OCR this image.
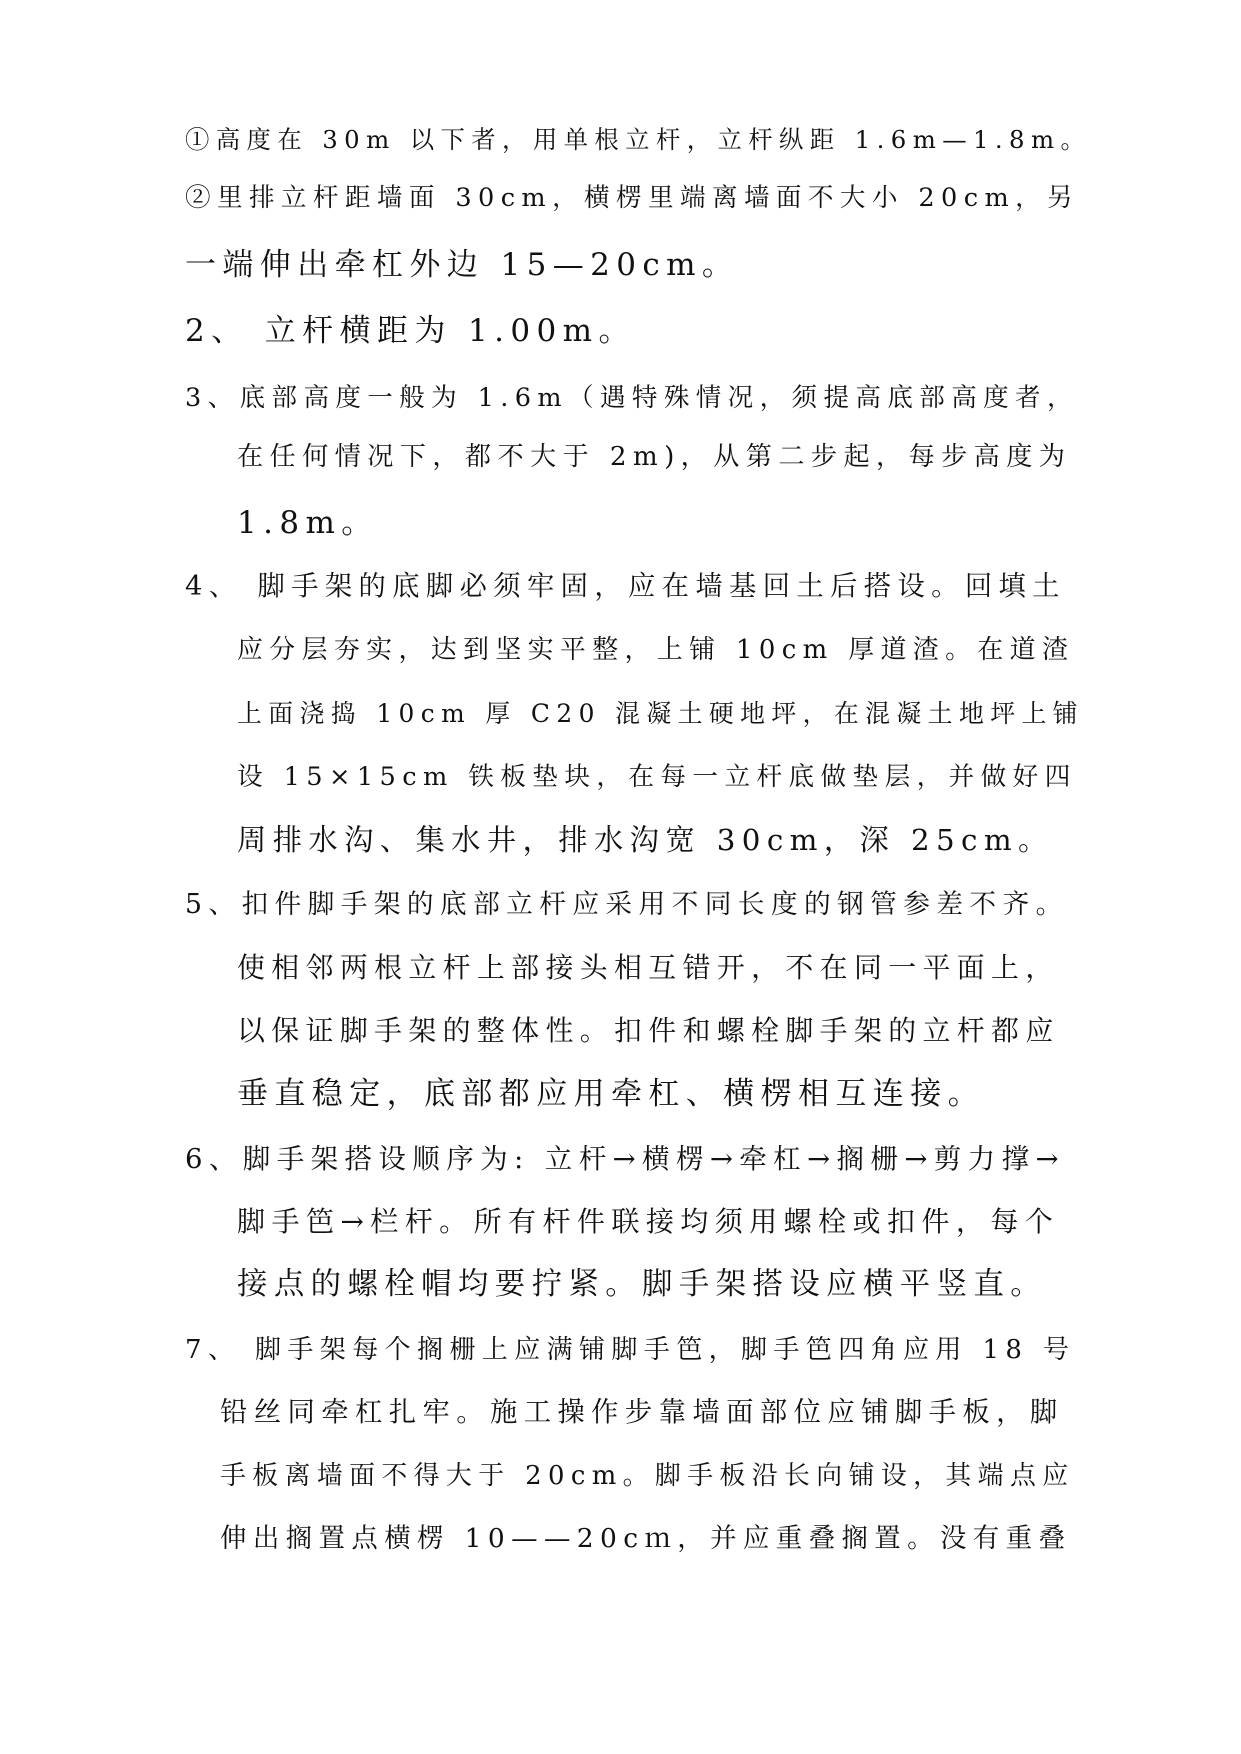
①高度在 30m 以下者，用单根立杆，立杆纵距 1.6m—1.8m。
②里排立杆距墙面 30cm，横楞里端离墙面不大小 20cm，另
一端伸出牵杠外边 15—20cm。
2、 立杆横距为 1.00m。
3、底部高度一般为 1.6m（遇特殊情况，须提高底部高度者，
在任何情况下，都不大于 2m)，从第二步起，每步高度为
1.8m。
4、 脚手架的底脚必须牢固，应在墙基回土后搭设。回填土
应分层夯实，达到坚实平整，上铺 10cm 厚道渣。在道渣
上面浇捣 10cm 厚 C20 混凝土硬地坪，在混凝土地坪上铺
设 15×15cm 铁板垫块，在每一立杆底做垫层，并做好四
周排水沟、集水井，排水沟宽 30cm，深 25cm。
5、扣件脚手架的底部立杆应采用不同长度的钢管参差不齐。
使相邻两根立杆上部接头相互错开，不在同一平面上，
以保证脚手架的整体性。扣件和螺栓脚手架的立杆都应
垂直稳定，底部都应用牵杠、横楞相互连接。
6、脚手架搭设顺序为: 立杆→横楞→牵杠→搁栅→剪力撑→
脚手笆→栏杆。所有杆件联接均须用螺栓或扣件，每个
接点的螺栓帽均要拧紧。脚手架搭设应横平竖直。
7、 脚手架每个搁栅上应满铺脚手笆，脚手笆四角应用 18 号
铅丝同牵杠扎牢。施工操作步靠墙面部位应铺脚手板，脚
手板离墙面不得大于 20cm。脚手板沿长向铺设，其端点应
伸出搁置点横楞 10——20cｍ，并应重叠搁置。没有重叠
